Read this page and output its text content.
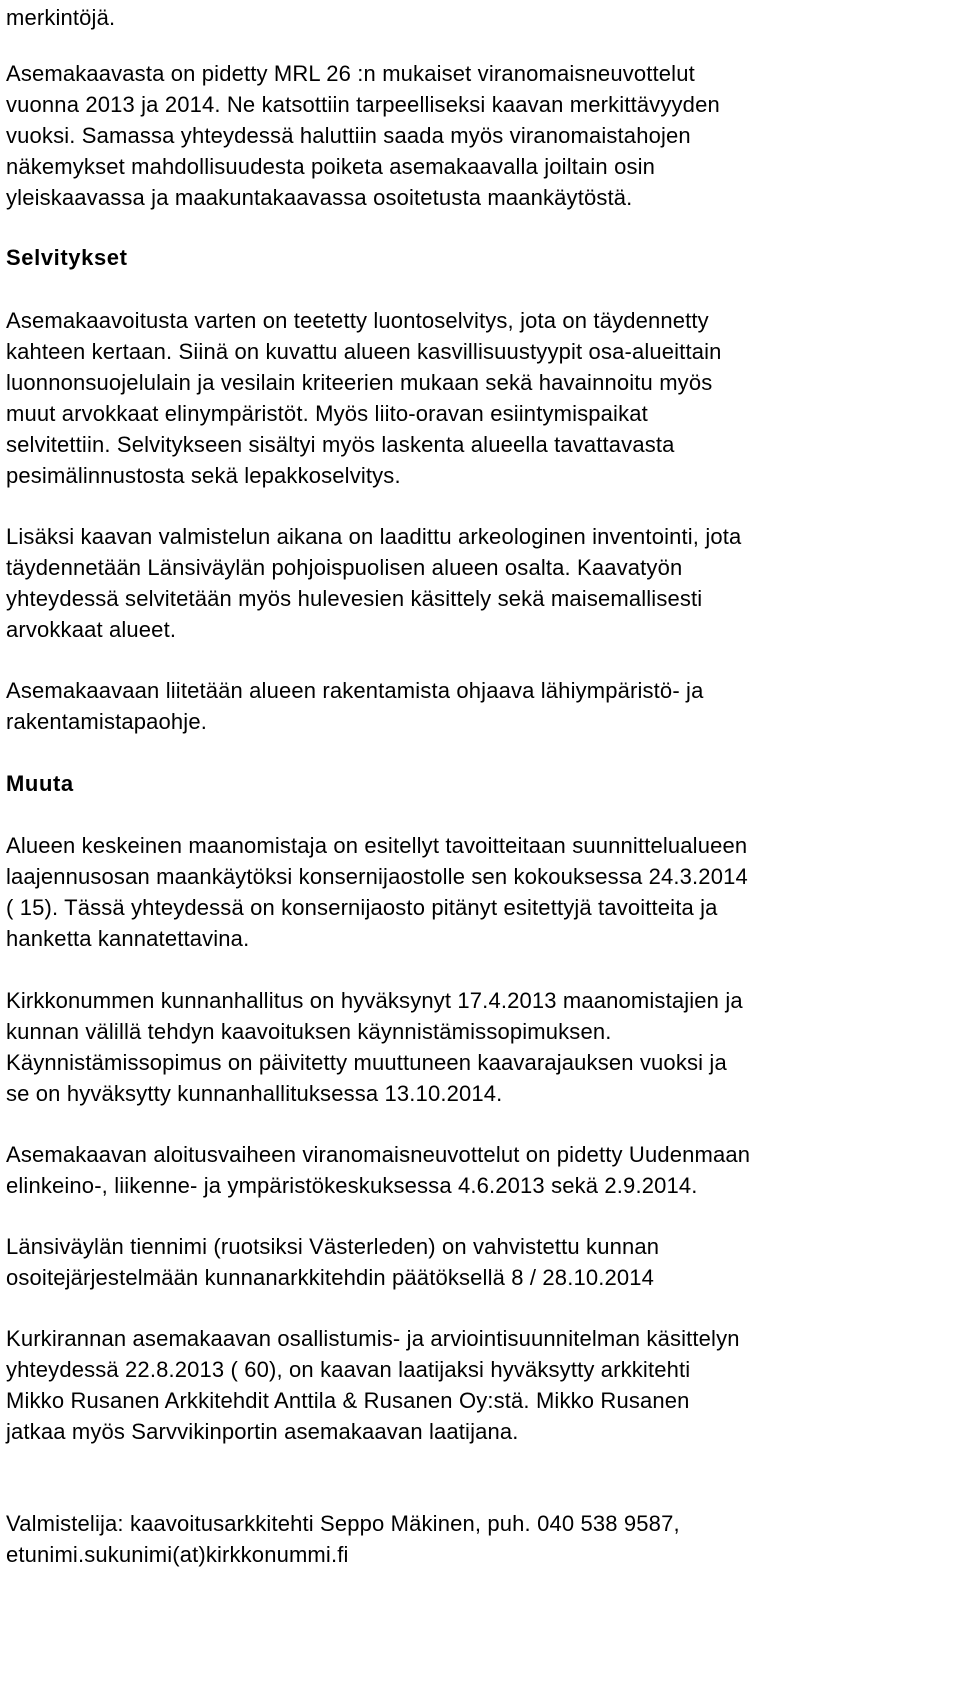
merkintöjä.

Asemakaavasta on pidetty MRL 26 :n mukaiset viranomaisneuvottelut
vuonna 2013 ja 2014. Ne katsottiin tarpeelliseksi kaavan merkittävyyden
vuoksi. Samassa yhteydessä haluttiin saada myös viranomaistahojen
näkemykset mahdollisuudesta poiketa asemakaavalla joiltain osin
yleiskaavassa ja maakuntakaavassa osoitetusta maankäytöstä.

Selvitykset

Asemakaavoitusta varten on teetetty luontoselvitys, jota on täydennetty
kahteen kertaan. Siinä on kuvattu alueen kasvillisuustyypit osa-alueittain
luonnonsuojelulain ja vesilain kriteerien mukaan sekä havainnoitu myös
muut arvokkaat elinympäristöt. Myös liito-oravan esiintymispaikat
selvitettiin. Selvitykseen sisältyi myös laskenta alueella tavattavasta
pesimälinnustosta sekä lepakkoselvitys.

Lisäksi kaavan valmistelun aikana on laadittu arkeologinen inventointi, jota
täydennetään Länsiväylän pohjoispuolisen alueen osalta. Kaavatyön
yhteydessä selvitetään myös hulevesien käsittely sekä maisemallisesti
arvokkaat alueet.

Asemakaavaan liitetään alueen rakentamista ohjaava lähiympäristö- ja
rakentamistapaohje.

Muuta

Alueen keskeinen maanomistaja on esitellyt tavoitteitaan suunnittelualueen
laajennusosan maankäytöksi konsernijaostolle sen kokouksessa 24.3.2014
( 15). Tässä yhteydessä on konsernijaosto pitänyt esitettyjä tavoitteita ja
hanketta kannatettavina.

Kirkkonummen kunnanhallitus on hyväksynyt 17.4.2013 maanomistajien ja
kunnan välillä tehdyn kaavoituksen käynnistämissopimuksen.
Käynnistämissopimus on päivitetty muuttuneen kaavarajauksen vuoksi ja
se on hyväksytty kunnanhallituksessa 13.10.2014.

Asemakaavan aloitusvaiheen viranomaisneuvottelut on pidetty Uudenmaan
elinkeino-, liikenne- ja ympäristökeskuksessa 4.6.2013 sekä 2.9.2014.

Länsiväylän tiennimi (ruotsiksi Västerleden) on vahvistettu kunnan
osoitejärjestelmään kunnanarkkitehdin päätöksellä 8 / 28.10.2014

Kurkirannan asemakaavan osallistumis- ja arviointisuunnitelman käsittelyn
yhteydessä 22.8.2013 ( 60), on kaavan laatijaksi hyväksytty arkkitehti
Mikko Rusanen Arkkitehdit Anttila & Rusanen Oy:stä. Mikko Rusanen
jatkaa myös Sarvvikinportin asemakaavan laatijana.

Valmistelija: kaavoitusarkkitehti Seppo Mäkinen, puh. 040 538 9587,
etunimi.sukunimi(at)kirkkonummi.fi
